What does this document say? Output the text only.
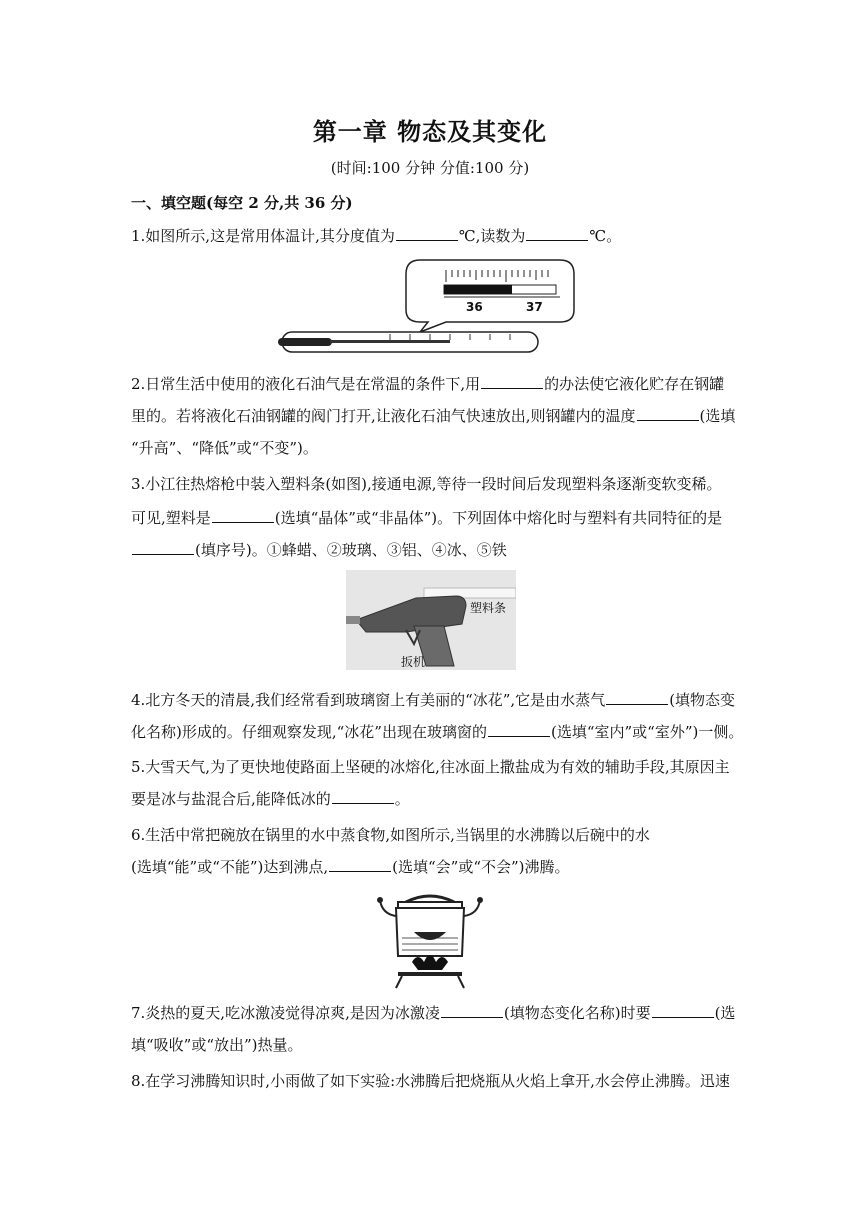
第一章 物态及其变化
(时间:100 分钟 分值:100 分)
一、填空题(每空 2 分,共 36 分)
1.如图所示,这是常用体温计,其分度值为	℃,读数为	℃。
36	37
2.日常生活中使用的液化石油气是在常温的条件下,用	的办法使它液化贮存在钢罐
里的。若将液化石油钢罐的阀门打开,让液化石油气快速放出,则钢罐内的温度	(选填
“升高”、“降低”或“不变”)。
3.小江往热熔枪中装入塑料条(如图),接通电源,等待一段时间后发现塑料条逐渐变软变稀。
可见,塑料是	(选填“晶体”或“非晶体”)。下列固体中熔化时与塑料有共同特征的是
(填序号)。①蜂蜡、②玻璃、③铝、④冰、⑤铁
塑料条
扳机
4.北方冬天的清晨,我们经常看到玻璃窗上有美丽的“冰花”,它是由水蒸气	(填物态变
化名称)形成的。仔细观察发现,“冰花”出现在玻璃窗的	(选填“室内”或“室外”)一侧。
5.大雪天气,为了更快地使路面上坚硬的冰熔化,往冰面上撒盐成为有效的辅助手段,其原因主
要是冰与盐混合后,能降低冰的	。
6.生活中常把碗放在锅里的水中蒸食物,如图所示,当锅里的水沸腾以后碗中的水
(选填“能”或“不能”)达到沸点,	(选填“会”或“不会”)沸腾。
7.炎热的夏天,吃冰激凌觉得凉爽,是因为冰激凌	(填物态变化名称)时要	(选
填“吸收”或“放出”)热量。
8.在学习沸腾知识时,小雨做了如下实验:水沸腾后把烧瓶从火焰上拿开,水会停止沸腾。迅速
